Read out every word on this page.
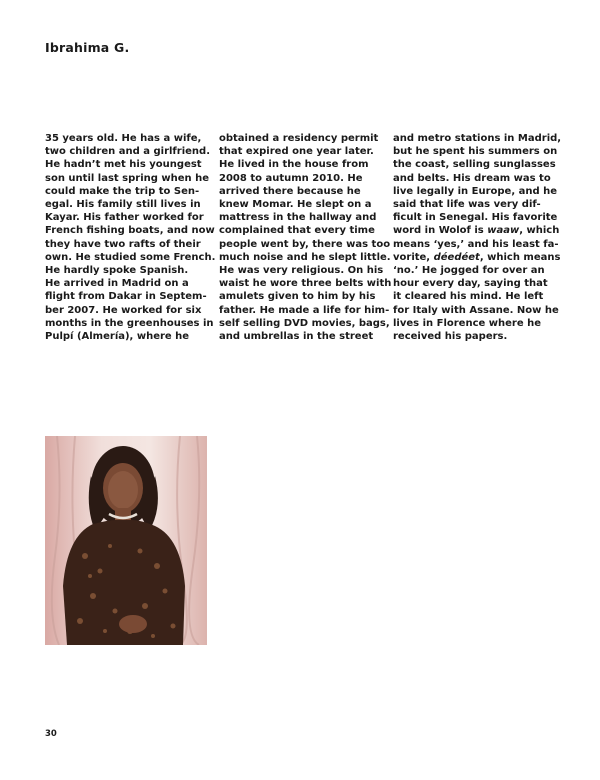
Ibrahima G.
35 years old. He has a wife,
two children and a girlfriend.
He hadn’t met his youngest
son until last spring when he
could make the trip to Sen-
egal. His family still lives in
Kayar. His father worked for
French fishing boats, and now
they have two rafts of their
own. He studied some French.
He hardly spoke Spanish.
He arrived in Madrid on a
flight from Dakar in Septem-
ber 2007. He worked for six
months in the greenhouses in
Pulpí (Almería), where he
obtained a residency permit
that expired one year later.
He lived in the house from
2008 to autumn 2010. He
arrived there because he
knew Momar. He slept on a
mattress in the hallway and
complained that every time
people went by, there was too
much noise and he slept little.
He was very religious. On his
waist he wore three belts with
amulets given to him by his
father. He made a life for him-
self selling DVD movies, bags,
and umbrellas in the street
and metro stations in Madrid,
but he spent his summers on
the coast, selling sunglasses
and belts. His dream was to
live legally in Europe, and he
said that life was very dif-
ficult in Senegal. His favorite
word in Wolof is waaw, which
means ‘yes,’ and his least fa-
vorite, déedéet, which means
‘no.’ He jogged for over an
hour every day, saying that
it cleared his mind. He left
for Italy with Assane. Now he
lives in Florence where he
received his papers.
30
